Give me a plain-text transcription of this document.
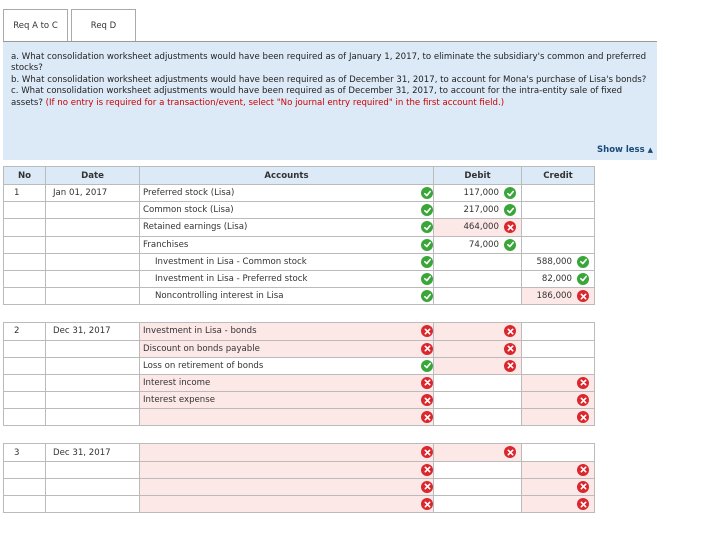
Req A to C	Req D
a. What consolidation worksheet adjustments would have been required as of January 1, 2017, to eliminate the subsidiary's common and preferred stocks?
b. What consolidation worksheet adjustments would have been required as of December 31, 2017, to account for Mona's purchase of Lisa's bonds?
c. What consolidation worksheet adjustments would have been required as of December 31, 2017, to account for the intra-entity sale of fixed assets? (If no entry is required for a transaction/event, select "No journal entry required" in the first account field.)
Show less ▲
No	Date	Accounts	Debit	Credit
1	Jan 01, 2017	Preferred stock (Lisa)	117,000

		Common stock (Lisa)	217,000

		Retained earnings (Lisa)	464,000

		Franchises	74,000

		Investment in Lisa - Common stock		588,000

		Investment in Lisa - Preferred stock		82,000

		Noncontrolling interest in Lisa		186,000

2	Dec 31, 2017	Investment in Lisa - bonds

		Discount on bonds payable

		Loss on retirement of bonds

		Interest income

		Interest expense

3	Dec 31, 2017	
